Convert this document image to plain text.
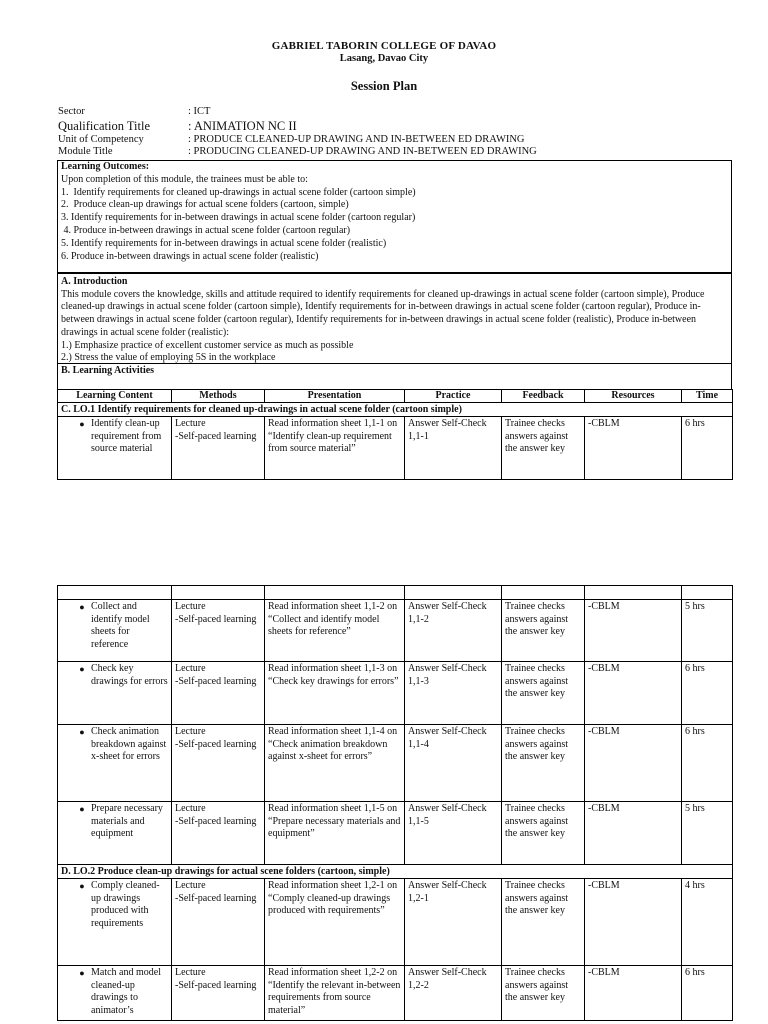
GABRIEL TABORIN COLLEGE OF DAVAO
Lasang, Davao City
Session Plan
Sector	: ICT
Qualification Title	: ANIMATION NC II
Unit of Competency	: PRODUCE CLEANED-UP DRAWING AND IN-BETWEEN ED DRAWING
Module Title	: PRODUCING CLEANED-UP DRAWING AND IN-BETWEEN ED DRAWING
Learning Outcomes:
Upon completion of this module, the trainees must be able to:
1.  Identify requirements for cleaned up-drawings in actual scene folder (cartoon simple)
2.  Produce clean-up drawings for actual scene folders (cartoon, simple)
3. Identify requirements for in-between drawings in actual scene folder (cartoon regular)
4. Produce in-between drawings in actual scene folder (cartoon regular)
5. Identify requirements for in-between drawings in actual scene folder (realistic)
6. Produce in-between drawings in actual scene folder (realistic)
A. Introduction
This module covers the knowledge, skills and attitude required to identify requirements for cleaned up-drawings in actual scene folder (cartoon simple), Produce cleaned-up drawings in actual scene folder (cartoon simple), Identify requirements for in-between drawings in actual scene folder (cartoon regular), Produce in-between drawings in actual scene folder (cartoon regular), Identify requirements for in-between drawings in actual scene folder (realistic), Produce in-between drawings in actual scene folder (realistic):
1.) Emphasize practice of excellent customer service as much as possible
2.) Stress the value of employing 5S in the workplace
B. Learning Activities
Learning Content	Methods	Presentation	Practice	Feedback	Resources	Time
C. LO.1 Identify requirements for cleaned up-drawings in actual scene folder (cartoon simple)						

● Identify clean-up requirement from source material	Lecture
-Self-paced learning	Read information sheet 1,1-1 on “Identify clean-up requirement from source material”	Answer Self-Check 1,1-1	Trainee checks answers against the answer key	-CBLM	6 hrs

● Collect and identify model sheets for reference	Lecture
-Self-paced learning	Read information sheet 1,1-2 on “Collect and identify model sheets for reference”	Answer Self-Check 1,1-2	Trainee checks answers against the answer key	-CBLM	5 hrs

● Check key drawings for errors	Lecture
-Self-paced learning	Read information sheet 1,1-3 on “Check key drawings for errors”	Answer Self-Check 1,1-3	Trainee checks answers against the answer key	-CBLM	6 hrs

● Check animation breakdown against x-sheet for errors	Lecture
-Self-paced learning	Read information sheet 1,1-4 on “Check animation breakdown against x-sheet for errors”	Answer Self-Check 1,1-4	Trainee checks answers against the answer key	-CBLM	6 hrs

● Prepare necessary materials and equipment	Lecture
-Self-paced learning	Read information sheet 1,1-5 on “Prepare necessary materials and equipment”	Answer Self-Check 1,1-5	Trainee checks answers against the answer key	-CBLM	5 hrs
D. LO.2 Produce clean-up drawings for actual scene folders (cartoon, simple)						

● Comply cleaned-up drawings produced with requirements	Lecture
-Self-paced learning	Read information sheet 1,2-1 on “Comply cleaned-up drawings produced with requirements”	Answer Self-Check 1,2-1	Trainee checks answers against the answer key	-CBLM	4 hrs

● Match and model cleaned-up drawings to animator’s	Lecture
-Self-paced learning	Read information sheet 1,2-2 on “Identify the relevant in-between requirements from source material”	Answer Self-Check 1,2-2	Trainee checks answers against the answer key	-CBLM	6 hrs
